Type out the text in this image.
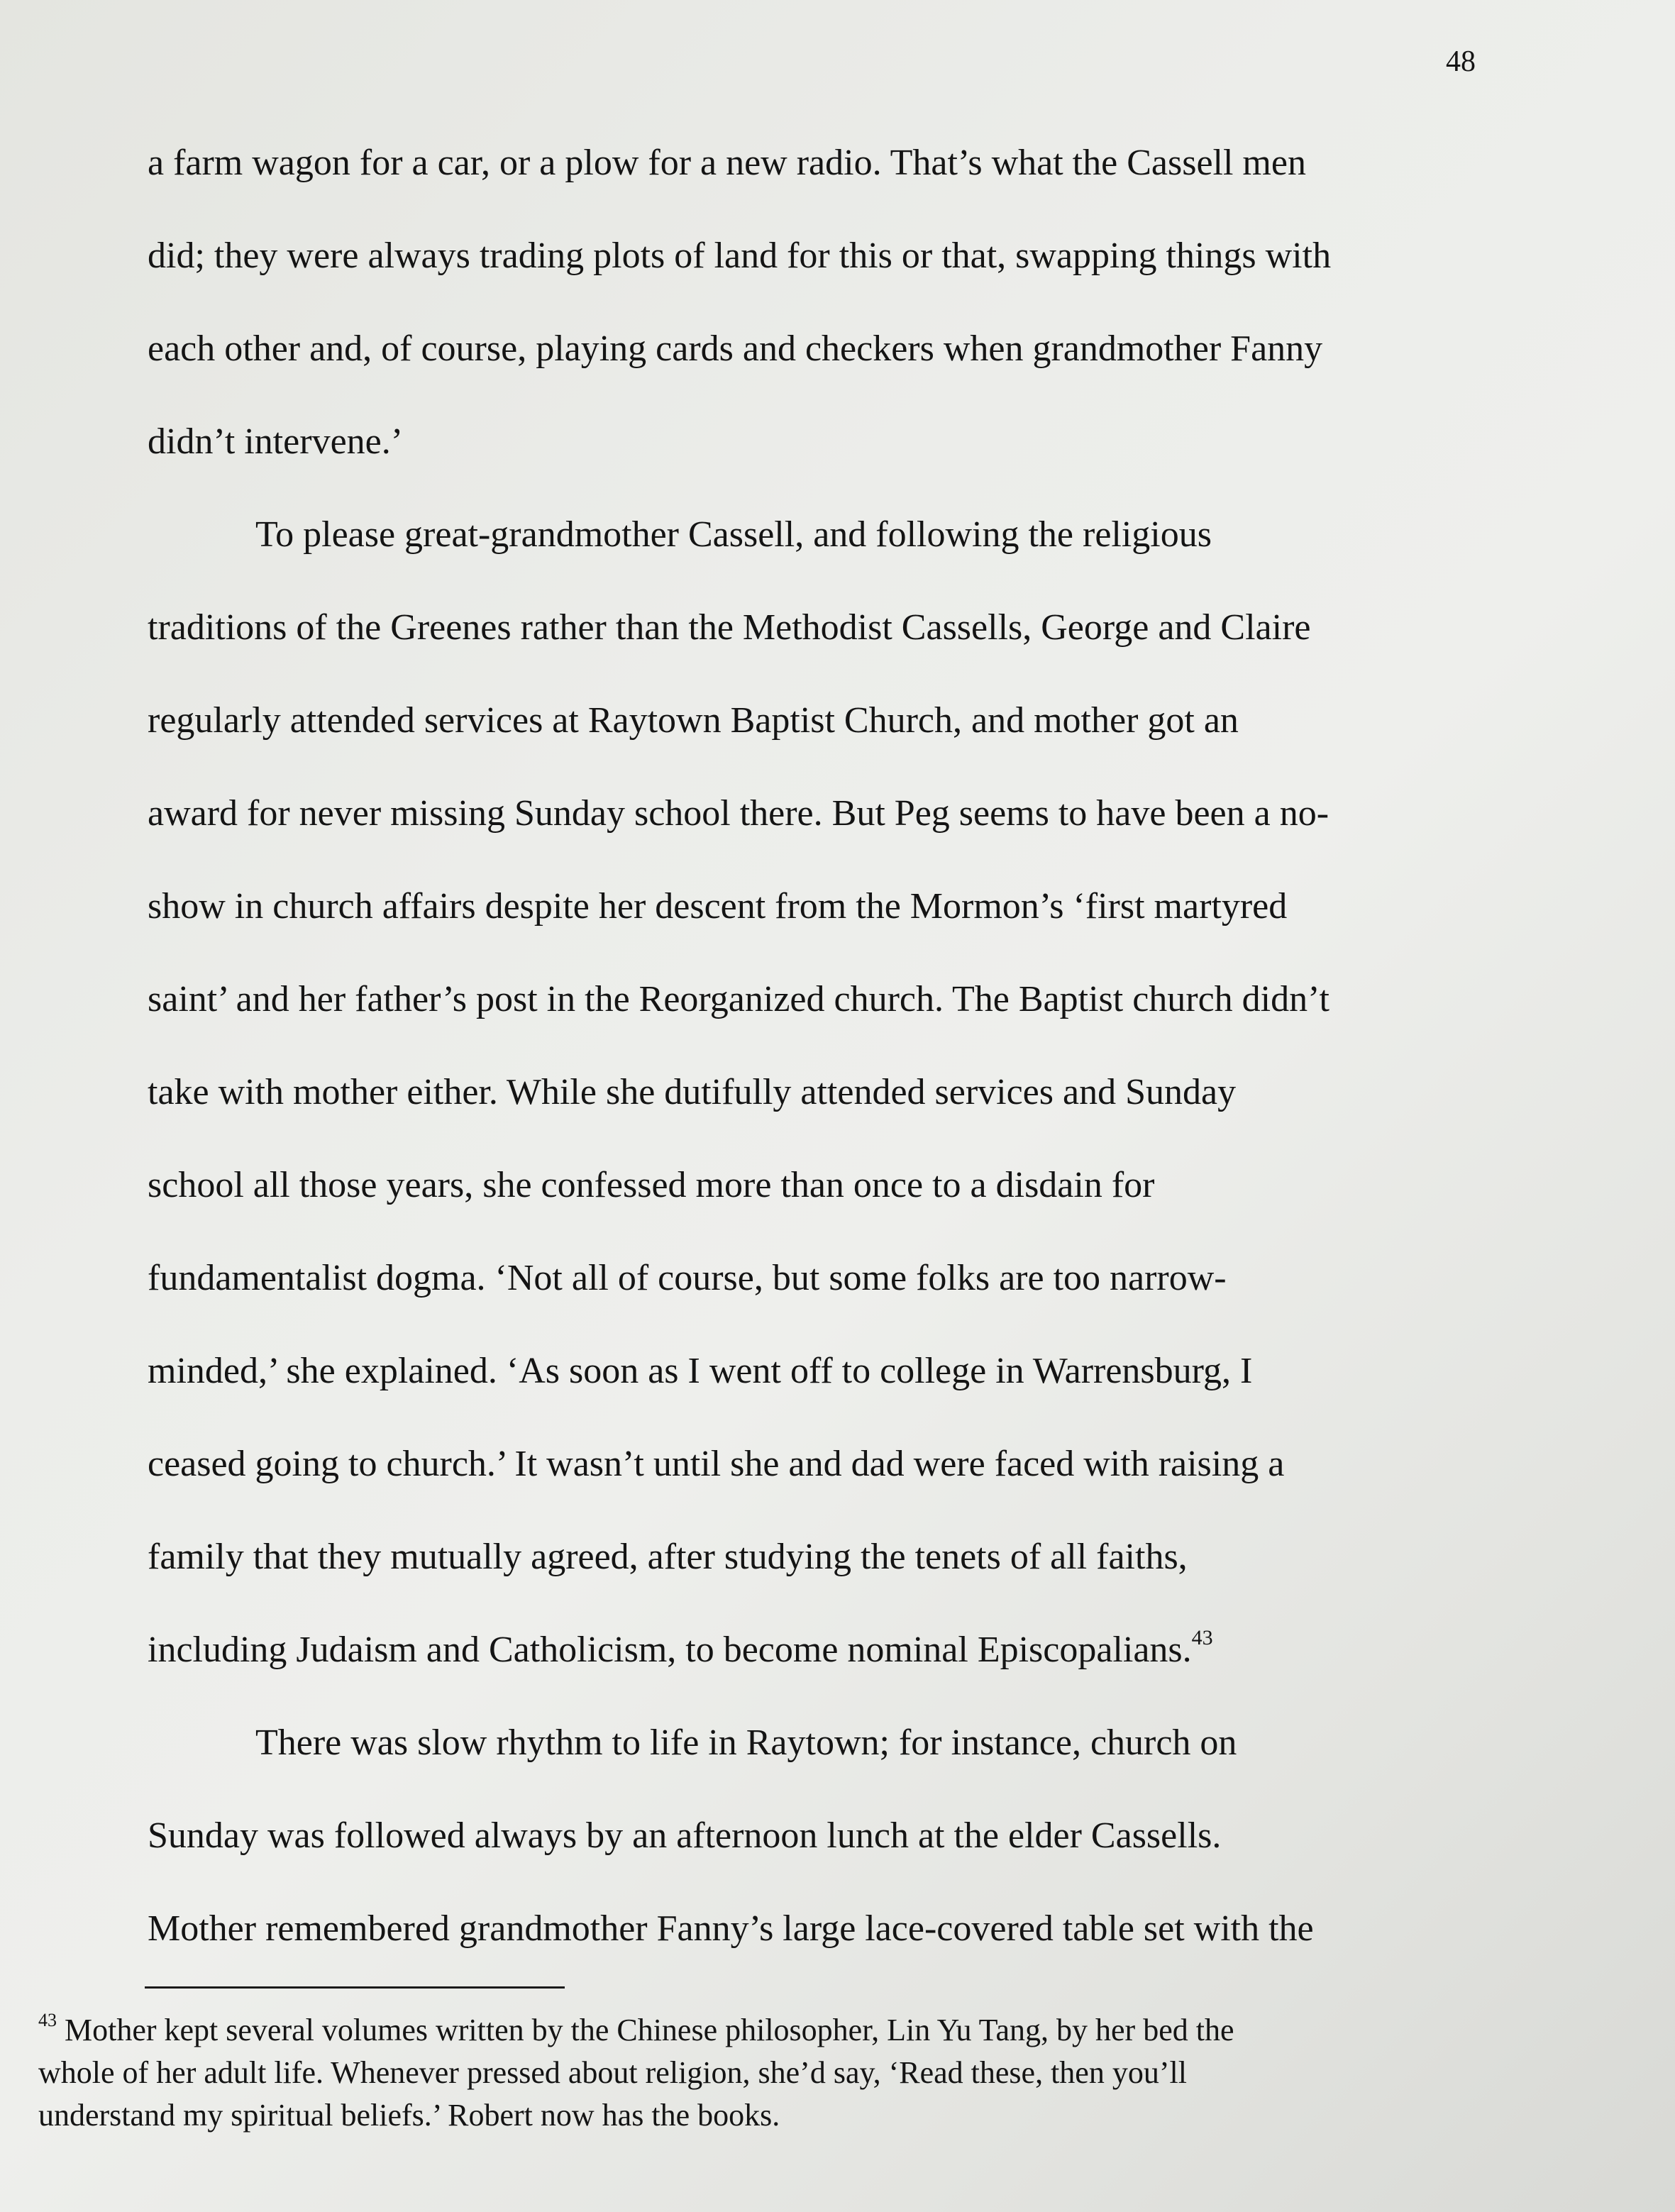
48
a farm wagon for a car, or a plow for a new radio. That’s what the Cassell men
did; they were always trading plots of land for this or that, swapping things with
each other and, of course, playing cards and checkers when grandmother Fanny
didn’t intervene.’
To please great-grandmother Cassell, and following the religious
traditions of the Greenes rather than the Methodist Cassells, George and Claire
regularly attended services at Raytown Baptist Church, and mother got an
award for never missing Sunday school there. But Peg seems to have been a no-
show in church affairs despite her descent from the Mormon’s ‘first martyred
saint’ and her father’s post in the Reorganized church. The Baptist church didn’t
take with mother either. While she dutifully attended services and Sunday
school all those years, she confessed more than once to a disdain for
fundamentalist dogma. ‘Not all of course, but some folks are too narrow-
minded,’ she explained. ‘As soon as I went off to college in Warrensburg, I
ceased going to church.’ It wasn’t until she and dad were faced with raising a
family that they mutually agreed, after studying the tenets of all faiths,
including Judaism and Catholicism, to become nominal Episcopalians.$^{43}$
There was slow rhythm to life in Raytown; for instance, church on
Sunday was followed always by an afternoon lunch at the elder Cassells.
Mother remembered grandmother Fanny’s large lace-covered table set with the
$^{43}$ Mother kept several volumes written by the Chinese philosopher, Lin Yu Tang, by her bed the
whole of her adult life. Whenever pressed about religion, she’d say, ‘Read these, then you’ll
understand my spiritual beliefs.’ Robert now has the books.
